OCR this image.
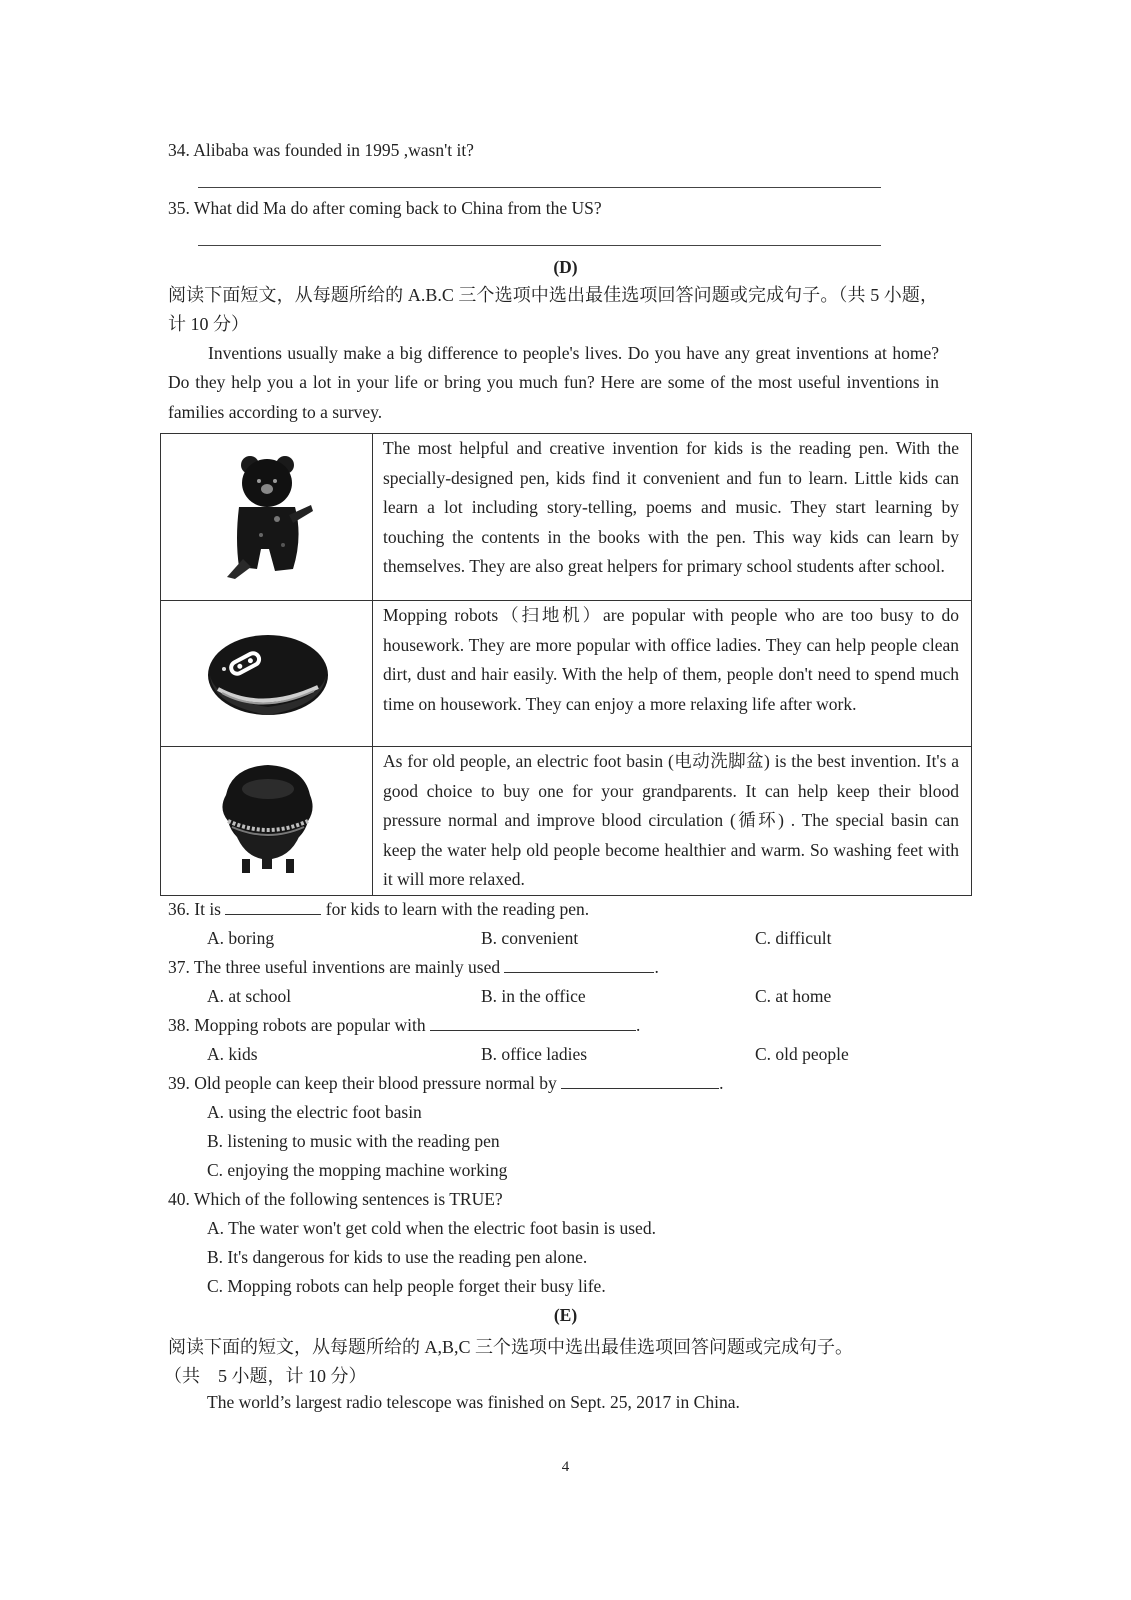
34. Alibaba was founded in 1995 ,wasn't it?
35. What did Ma do after coming back to China from the US?
(D)
阅读下面短文，从每题所给的 A.B.C 三个选项中选出最佳选项回答问题或完成句子。（共 5 小题，计 10 分）
Inventions usually make a big difference to people's lives. Do you have any great inventions at home? Do they help you a lot in your life or bring you much fun? Here are some of the most useful inventions in families according to a survey.
	The most helpful and creative invention for kids is the reading pen. With the specially-designed pen, kids find it convenient and fun to learn. Little kids can learn a lot including story-telling, poems and music. They start learning by touching the contents in the books with the pen. This way kids can learn by themselves. They are also great helpers for primary school students after school.
	Mopping robots（扫地机）are popular with people who are too busy to do housework. They are more popular with office ladies. They can help people clean dirt, dust and hair easily. With the help of them, people don't need to spend much time on housework. They can enjoy a more relaxing life after work.
	As for old people, an electric foot basin (电动洗脚盆) is the best invention. It's a good choice to buy one for your grandparents. It can help keep their blood pressure normal and improve blood circulation (循环) . The special basin can keep the water help old people become healthier and warm. So washing feet with it will more relaxed.
36. It is	for kids to learn with the reading pen.
A. boring	B. convenient	C. difficult
37. The three useful inventions are mainly used	.
A. at school	B. in the office	C. at home
38. Mopping robots are popular with	.
A. kids	B. office ladies	C. old people
39. Old people can keep their blood pressure normal by	.
A. using the electric foot basin
B. listening to music with the reading pen
C. enjoying the mopping machine working
40. Which of the following sentences is TRUE?
A. The water won't get cold when the electric foot basin is used.
B. It's dangerous for kids to use the reading pen alone.
C. Mopping robots can help people forget their busy life.
(E)
阅读下面的短文，从每题所给的 A,B,C 三个选项中选出最佳选项回答问题或完成句子。
（共　5 小题，计 10 分）
The world’s largest radio telescope was finished on Sept. 25, 2017 in China.
4
